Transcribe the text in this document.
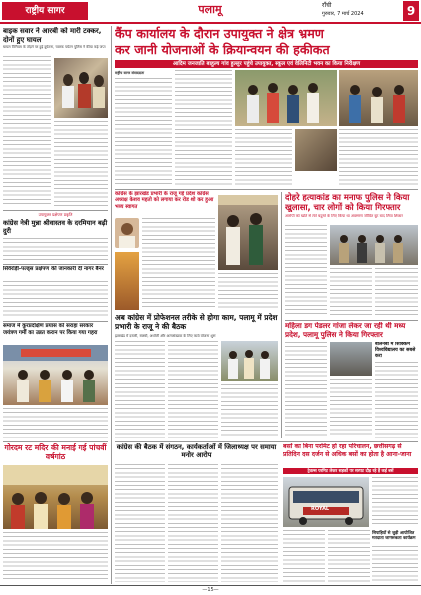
राष्ट्रीय सागर	पलामू	राँची
गुरुवार, 7 मार्च 2024	9
बाइक सवार ने आरबी को मारी टक्कर, दोनों हुए घायल
घायल विनियम के तोड़ने पर हुई दुर्घटना, चालक पर्यटन पुलिस ने कीया कई जप्त
उपायुक्त प्रक्षेपण प्रकृति
कांग्रेस नेत्री मुन्ना श्रीवास्तव के दरमियान बढ़ी दुरी
सिर्वरोड़ी-पल्ड्स प्रक्षेपण की जानकारी दी नागर बैनर
समाज में कुरप्रदक्षिण प्रयास को सराहा सरकार जयंत्रण गर्मी का उन्नत करान पर किया गया गहरा
गोरदम रट मदिर की मनाई गई पांचवीं वर्षगांठ
कैंप कार्यालय के दौरान उपायुक्त ने क्षेत्र भ्रमण
कर जानी योजनाओं के क्रियान्वयन की हकीकत
आदिम जनजाति बाहुल्य गांव हुल्लुर पहुंचे उपायुक्त, स्कूल एवं वेलिनिटी भवन का किया निरीक्षण
राष्ट्रीय सागर संवाददाता
कांग्रेस के झारखंड प्रभारी के राजू गई प्रदेश कांग्रेस अध्यक्ष केशव महतो को लगाया कर रोड शो कर हुआ भव्य स्वागत
अब कांग्रेस में प्रोफेशनल तरीके से होगा काम, पलामू में प्रदेश प्रभारी के राजू ने की बैठक
झारखंड में दस्तरी, स्वस्थी, अर्थोत्ती और अल्पसंख्यक के लिए कार्य योजना शुरू
कांग्रेस की बैठक में संगठन, कार्यकर्ताओं में जिलाध्यक्ष पर समाया मनोर आरोप
दोहरे हत्याकांड का मनाफ पुलिस ने किया खुलासा, चार लोगों को किया गिरफ्तार
आरोपी को खोते से लेते बदुस्ते के लिए किया था अवसरण जीवित बूट बाद लिया शिकार
महिला डग पेडलर गांजा लेकर जा रही थी मध्य प्रदेश, पलामू पुलिस ने किया गिरफ्तार
बोलेनेबो में सिक्किम विश्वविद्यालय का सबसे करा
बसों का बिना परमिट हो रहा परिचालन, छत्तीसगढ़ से प्रतिदिन दस दर्जन से अधिक बसों का होता है आना-जाना
ट्रेवल्स परमिट लेकर सड़कों पर सरपट दौड़ रहे हैं कई बसें
ROYAL
सिपाहियों से जुड़ी आयोजित मतदाता जागरूकता कार्यक्रम
—15—
